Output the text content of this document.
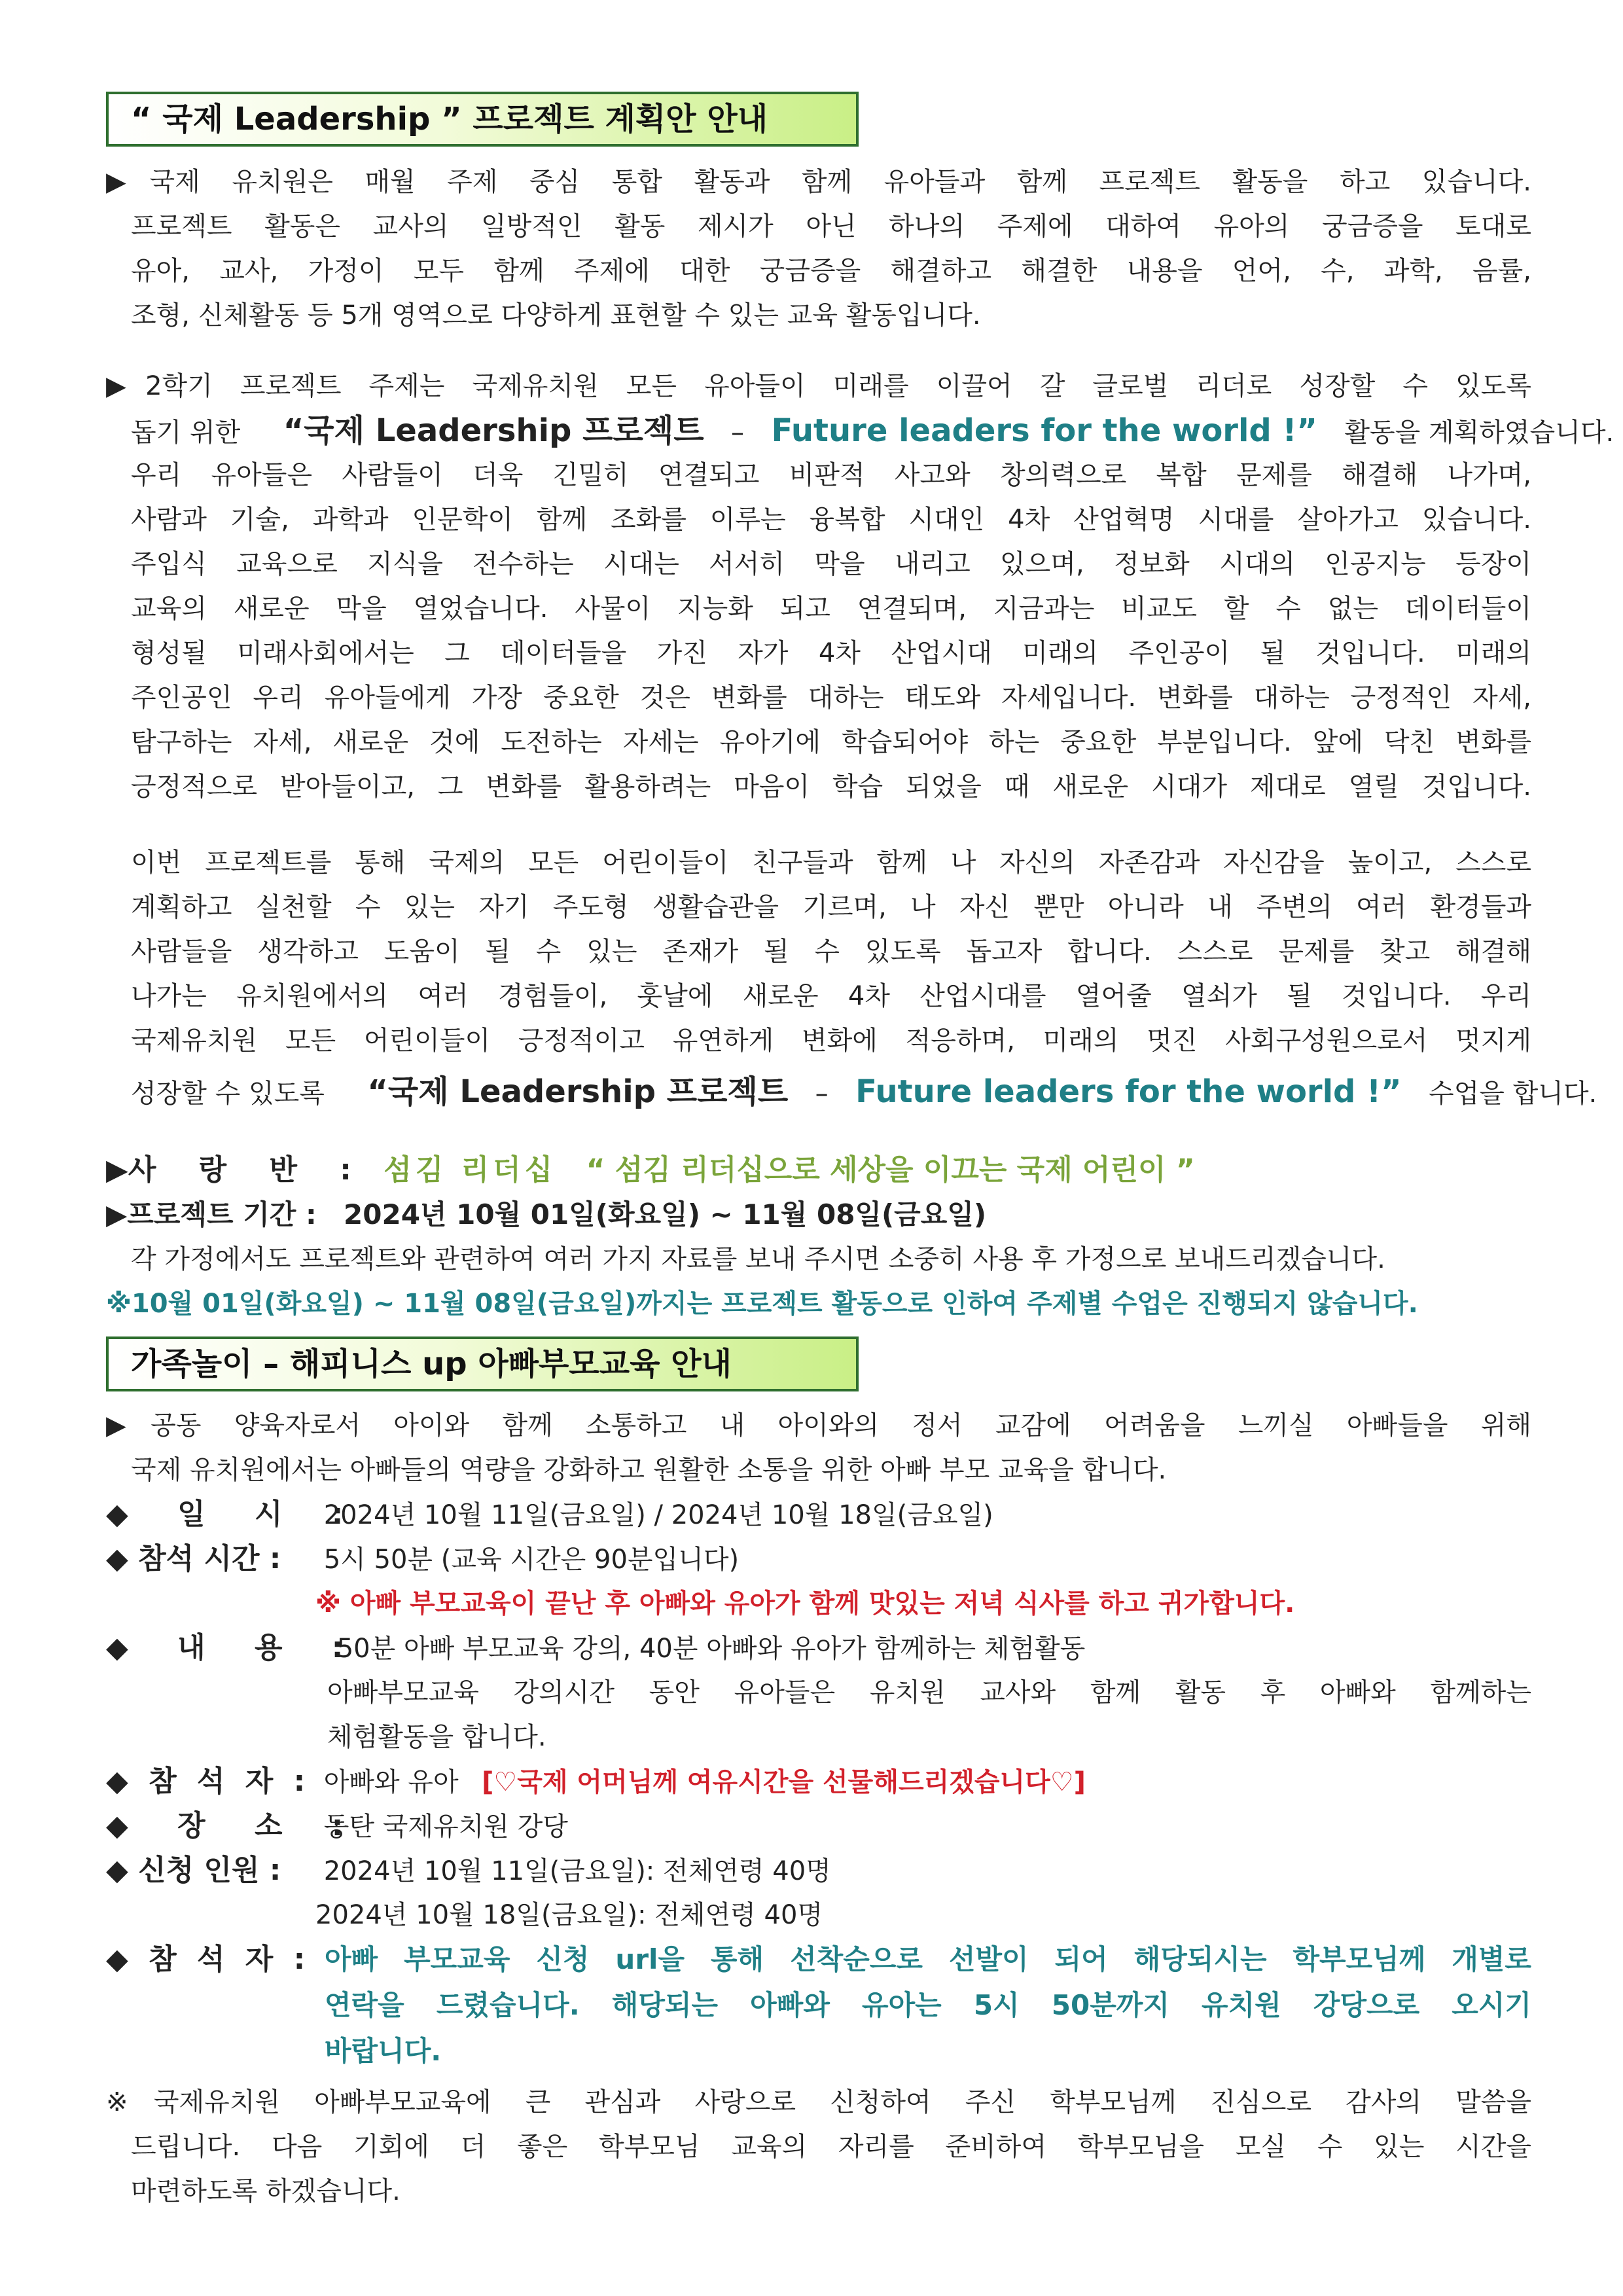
“ 국제 Leadership ” 프로젝트 계획안 안내
▶국제 유치원은 매월 주제 중심 통합 활동과 함께 유아들과 함께 프로젝트 활동을 하고 있습니다.
프로젝트 활동은 교사의 일방적인 활동 제시가 아닌 하나의 주제에 대하여 유아의 궁금증을 토대로
유아, 교사, 가정이 모두 함께 주제에 대한 궁금증을 해결하고 해결한 내용을 언어, 수, 과학, 음률,
조형, 신체활동 등 5개 영역으로 다양하게 표현할 수 있는 교육 활동입니다.
▶2학기 프로젝트 주제는 국제유치원 모든 유아들이 미래를 이끌어 갈 글로벌 리더로 성장할 수 있도록
돕기 위한 “국제 Leadership 프로젝트 – Future leaders for the world !” 활동을 계획하였습니다.
우리 유아들은 사람들이 더욱 긴밀히 연결되고 비판적 사고와 창의력으로 복합 문제를 해결해 나가며,
사람과 기술, 과학과 인문학이 함께 조화를 이루는 융복합 시대인 4차 산업혁명 시대를 살아가고 있습니다.
주입식 교육으로 지식을 전수하는 시대는 서서히 막을 내리고 있으며, 정보화 시대의 인공지능 등장이
교육의 새로운 막을 열었습니다. 사물이 지능화 되고 연결되며, 지금과는 비교도 할 수 없는 데이터들이
형성될 미래사회에서는 그 데이터들을 가진 자가 4차 산업시대 미래의 주인공이 될 것입니다. 미래의
주인공인 우리 유아들에게 가장 중요한 것은 변화를 대하는 태도와 자세입니다. 변화를 대하는 긍정적인 자세,
탐구하는 자세, 새로운 것에 도전하는 자세는 유아기에 학습되어야 하는 중요한 부분입니다. 앞에 닥친 변화를
긍정적으로 받아들이고, 그 변화를 활용하려는 마음이 학습 되었을 때 새로운 시대가 제대로 열릴 것입니다.
이번 프로젝트를 통해 국제의 모든 어린이들이 친구들과 함께 나 자신의 자존감과 자신감을 높이고, 스스로
계획하고 실천할 수 있는 자기 주도형 생활습관을 기르며, 나 자신 뿐만 아니라 내 주변의 여러 환경들과
사람들을 생각하고 도움이 될 수 있는 존재가 될 수 있도록 돕고자 합니다. 스스로 문제를 찾고 해결해
나가는 유치원에서의 여러 경험들이, 훗날에 새로운 4차 산업시대를 열어줄 열쇠가 될 것입니다. 우리
국제유치원 모든 어린이들이 긍정적이고 유연하게 변화에 적응하며, 미래의 멋진 사회구성원으로서 멋지게
성장할 수 있도록 “국제 Leadership 프로젝트 – Future leaders for the world !” 수업을 합니다.
▶사 랑 반 : 섬김 리더십 “ 섬김 리더십으로 세상을 이끄는 국제 어린이 ”
▶프로젝트 기간 : 2024년 10월 01일(화요일) ~ 11월 08일(금요일)
각 가정에서도 프로젝트와 관련하여 여러 가지 자료를 보내 주시면 소중히 사용 후 가정으로 보내드리겠습니다.
※10월 01일(화요일) ~ 11월 08일(금요일)까지는 프로젝트 활동으로 인하여 주제별 수업은 진행되지 않습니다.
가족놀이 – 해피니스 up 아빠부모교육 안내
▶공동 양육자로서 아이와 함께 소통하고 내 아이와의 정서 교감에 어려움을 느끼실 아빠들을 위해
국제 유치원에서는 아빠들의 역량을 강화하고 원활한 소통을 위한 아빠 부모 교육을 합니다.
◆ 일 시 : 2024년 10월 11일(금요일) / 2024년 10월 18일(금요일)
◆ 참석 시간 : 5시 50분 (교육 시간은 90분입니다)
※ 아빠 부모교육이 끝난 후 아빠와 유아가 함께 맛있는 저녁 식사를 하고 귀가합니다.
◆ 내 용 : 50분 아빠 부모교육 강의, 40분 아빠와 유아가 함께하는 체험활동
아빠부모교육 강의시간 동안 유아들은 유치원 교사와 함께 활동 후 아빠와 함께하는
체험활동을 합니다.
◆ 참 석 자 : 아빠와 유아 [♡국제 어머님께 여유시간을 선물해드리겠습니다♡]
◆ 장 소 : 동탄 국제유치원 강당
◆ 신청 인원 : 2024년 10월 11일(금요일): 전체연령 40명
2024년 10월 18일(금요일): 전체연령 40명
◆ 참 석 자 : 아빠 부모교육 신청 url을 통해 선착순으로 선발이 되어 해당되시는 학부모님께 개별로
연락을 드렸습니다. 해당되는 아빠와 유아는 5시 50분까지 유치원 강당으로 오시기
바랍니다.
※국제유치원 아빠부모교육에 큰 관심과 사랑으로 신청하여 주신 학부모님께 진심으로 감사의 말씀을
드립니다. 다음 기회에 더 좋은 학부모님 교육의 자리를 준비하여 학부모님을 모실 수 있는 시간을
마련하도록 하겠습니다.
